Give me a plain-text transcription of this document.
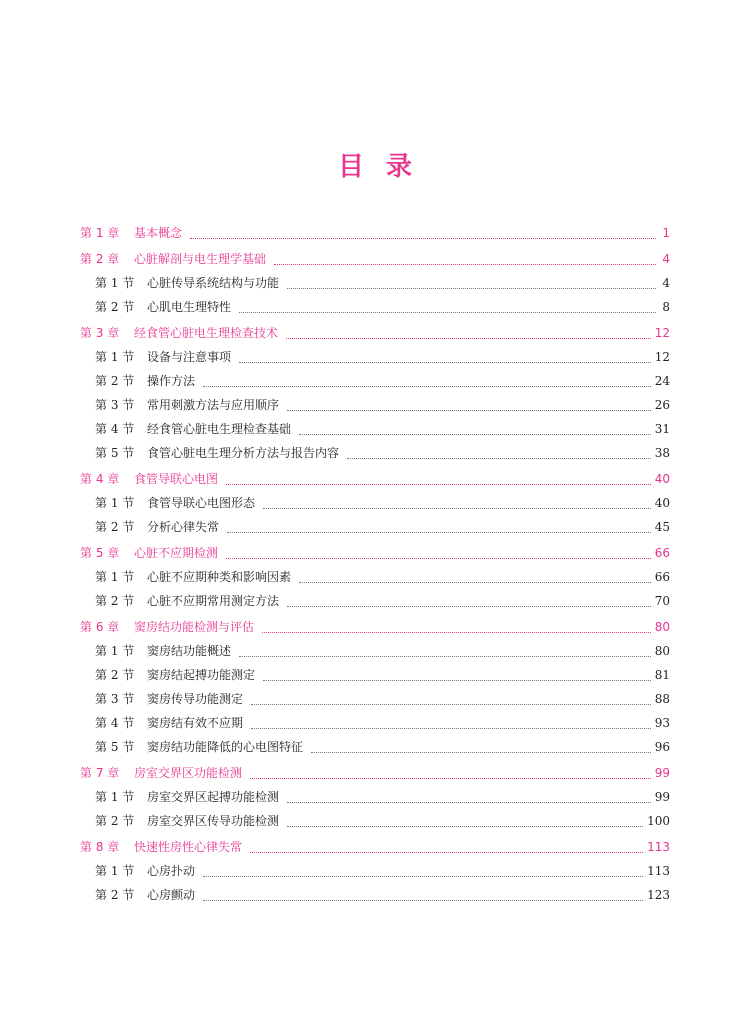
目录
第 1 章	基本概念	1
第 2 章	心脏解剖与电生理学基础	4
第 1 节	心脏传导系统结构与功能	4
第 2 节	心肌电生理特性	8
第 3 章	经食管心脏电生理检查技术	12
第 1 节	设备与注意事项	12
第 2 节	操作方法	24
第 3 节	常用刺激方法与应用顺序	26
第 4 节	经食管心脏电生理检查基础	31
第 5 节	食管心脏电生理分析方法与报告内容	38
第 4 章	食管导联心电图	40
第 1 节	食管导联心电图形态	40
第 2 节	分析心律失常	45
第 5 章	心脏不应期检测	66
第 1 节	心脏不应期种类和影响因素	66
第 2 节	心脏不应期常用测定方法	70
第 6 章	窦房结功能检测与评估	80
第 1 节	窦房结功能概述	80
第 2 节	窦房结起搏功能测定	81
第 3 节	窦房传导功能测定	88
第 4 节	窦房结有效不应期	93
第 5 节	窦房结功能降低的心电图特征	96
第 7 章	房室交界区功能检测	99
第 1 节	房室交界区起搏功能检测	99
第 2 节	房室交界区传导功能检测	100
第 8 章	快速性房性心律失常	113
第 1 节	心房扑动	113
第 2 节	心房颤动	123
